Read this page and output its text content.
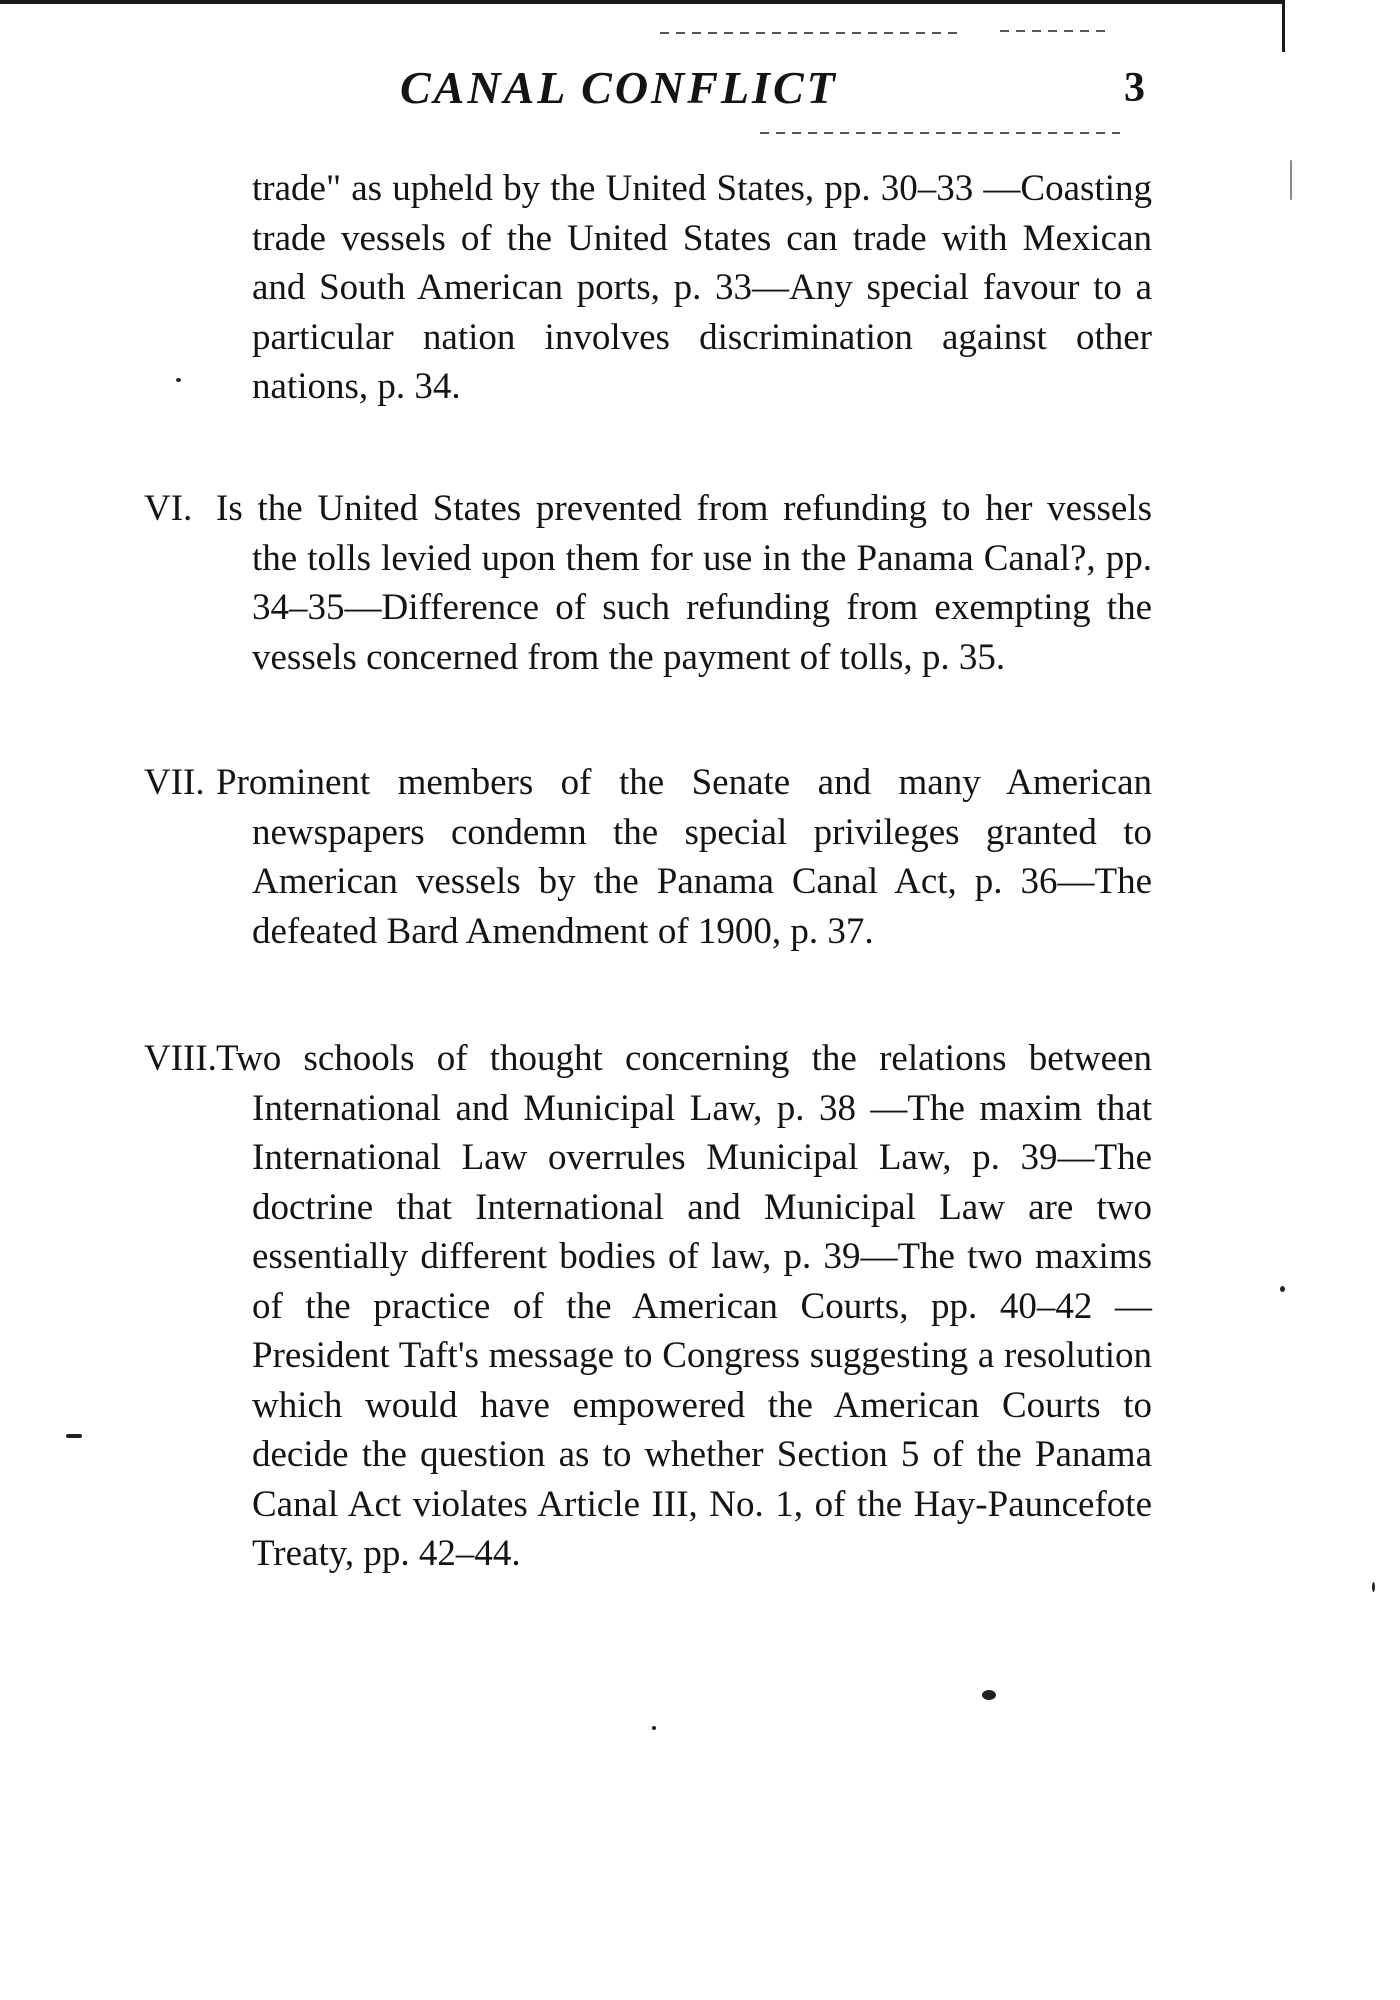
CANAL CONFLICT	3

trade" as upheld by the United States, pp. 30–33 —Coasting trade vessels of the United States can trade with Mexican and South American ports, p. 33—Any special favour to a particular nation involves discrimination against other nations, p. 34.

VI. Is the United States prevented from refunding to her vessels the tolls levied upon them for use in the Panama Canal?, pp. 34–35—Difference of such refunding from exempting the vessels concerned from the payment of tolls, p. 35.
VII. Prominent members of the Senate and many American newspapers condemn the special privileges granted to American vessels by the Panama Canal Act, p. 36—The defeated Bard Amendment of 1900, p. 37.
VIII. Two schools of thought concerning the relations between International and Municipal Law, p. 38 —The maxim that International Law overrules Municipal Law, p. 39—The doctrine that International and Municipal Law are two essentially different bodies of law, p. 39—The two maxims of the practice of the American Courts, pp. 40–42 —President Taft's message to Congress suggesting a resolution which would have empowered the American Courts to decide the question as to whether Section 5 of the Panama Canal Act violates Article III, No. 1, of the Hay-Pauncefote Treaty, pp. 42–44.
